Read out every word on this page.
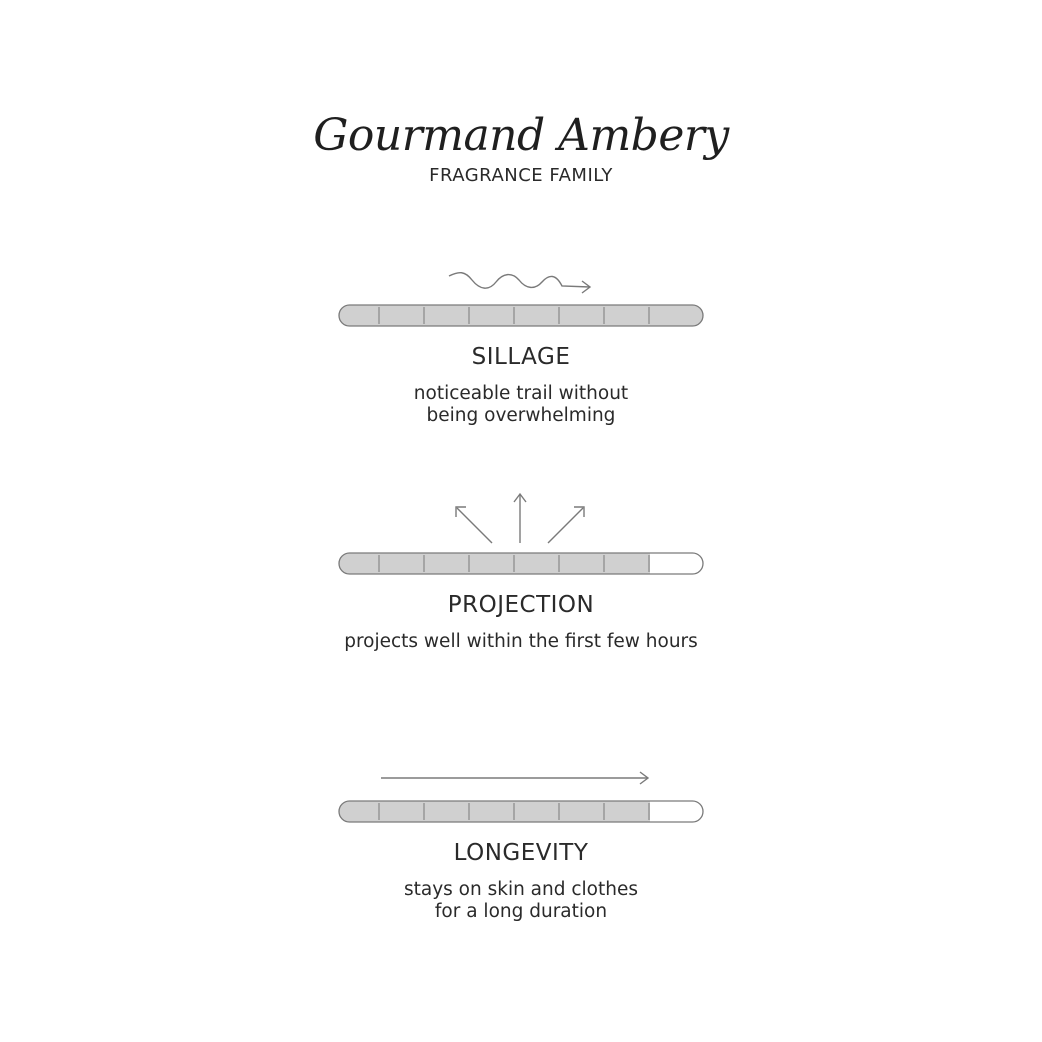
Gourmand Ambery
FRAGRANCE FAMILY
SILLAGE
noticeable trail without
being overwhelming
PROJECTION
projects well within the first few hours
LONGEVITY
stays on skin and clothes
for a long duration
